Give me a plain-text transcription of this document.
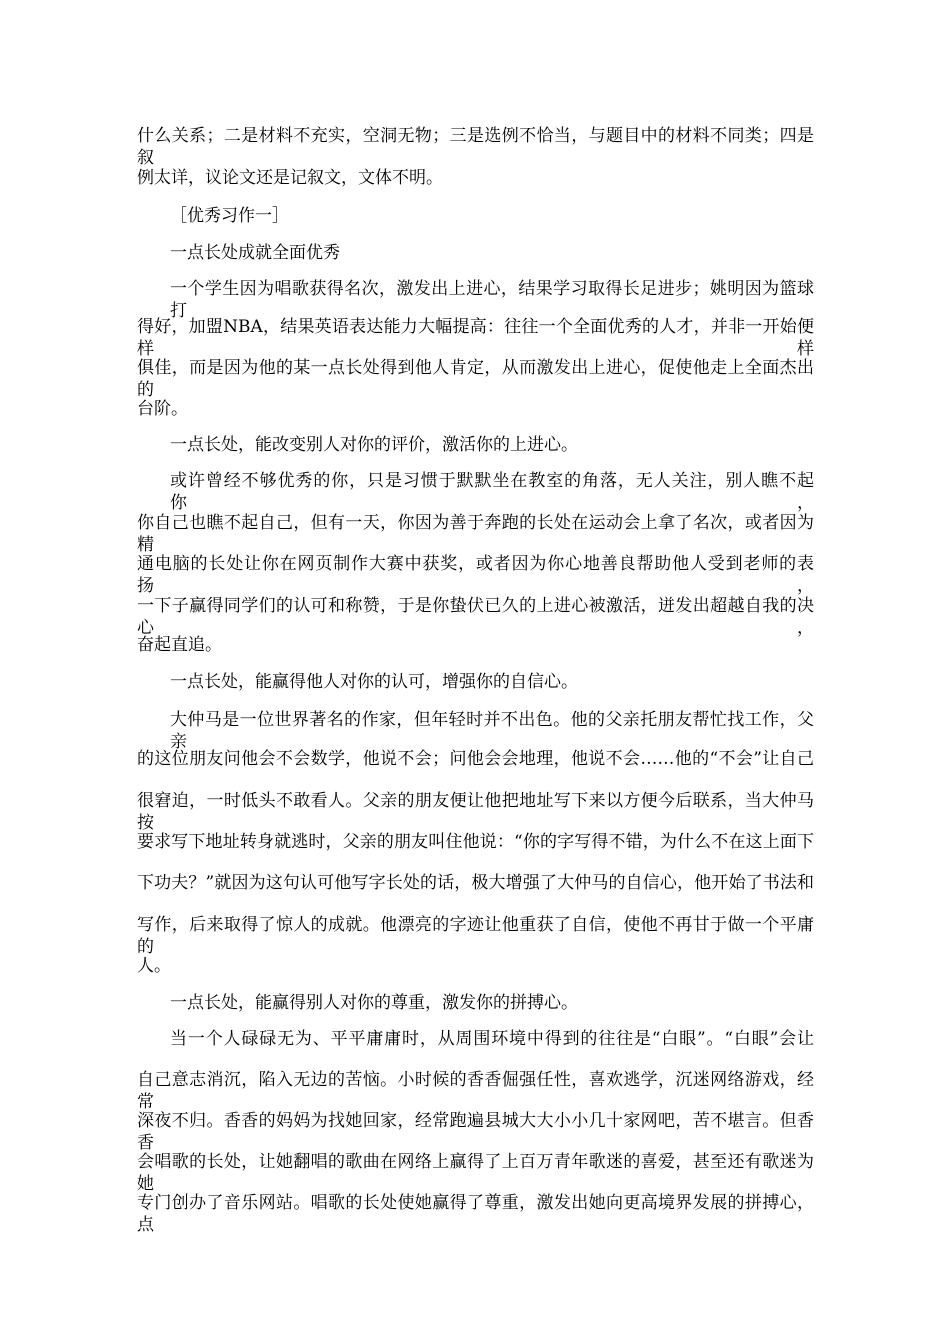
什么关系；二是材料不充实，空洞无物；三是选例不恰当，与题目中的材料不同类；四是叙
例太详，议论文还是记叙文，文体不明。
［优秀习作一］
一点长处成就全面优秀
一个学生因为唱歌获得名次，激发出上进心，结果学习取得长足进步；姚明因为篮球打
得好，加盟NBA，结果英语表达能力大幅提高：往往一个全面优秀的人才，并非一开始便样样
俱佳，而是因为他的某一点长处得到他人肯定，从而激发出上进心，促使他走上全面杰出的
台阶。
一点长处，能改变别人对你的评价，激活你的上进心。
或许曾经不够优秀的你，只是习惯于默默坐在教室的角落，无人关注，别人瞧不起你，
你自己也瞧不起自己，但有一天，你因为善于奔跑的长处在运动会上拿了名次，或者因为精
通电脑的长处让你在网页制作大赛中获奖，或者因为你心地善良帮助他人受到老师的表扬，
一下子赢得同学们的认可和称赞，于是你蛰伏已久的上进心被激活，迸发出超越自我的决心，
奋起直追。
一点长处，能赢得他人对你的认可，增强你的自信心。
大仲马是一位世界著名的作家，但年轻时并不出色。他的父亲托朋友帮忙找工作，父亲
的这位朋友问他会不会数学，他说不会；问他会会地理，他说不会……他的“不会”让自己
很窘迫，一时低头不敢看人。父亲的朋友便让他把地址写下来以方便今后联系，当大仲马按
要求写下地址转身就逃时，父亲的朋友叫住他说：“你的字写得不错，为什么不在这上面下
下功夫？”就因为这句认可他写字长处的话，极大增强了大仲马的自信心，他开始了书法和
写作，后来取得了惊人的成就。他漂亮的字迹让他重获了自信，使他不再甘于做一个平庸的
人。
一点长处，能赢得别人对你的尊重，激发你的拼搏心。
当一个人碌碌无为、平平庸庸时，从周围环境中得到的往往是“白眼”。“白眼”会让
自己意志消沉，陷入无边的苦恼。小时候的香香倔强任性，喜欢逃学，沉迷网络游戏，经常
深夜不归。香香的妈妈为找她回家，经常跑遍县城大大小小几十家网吧，苦不堪言。但香香
会唱歌的长处，让她翻唱的歌曲在网络上赢得了上百万青年歌迷的喜爱，甚至还有歌迷为她
专门创办了音乐网站。唱歌的长处使她赢得了尊重，激发出她向更高境界发展的拼搏心，点
